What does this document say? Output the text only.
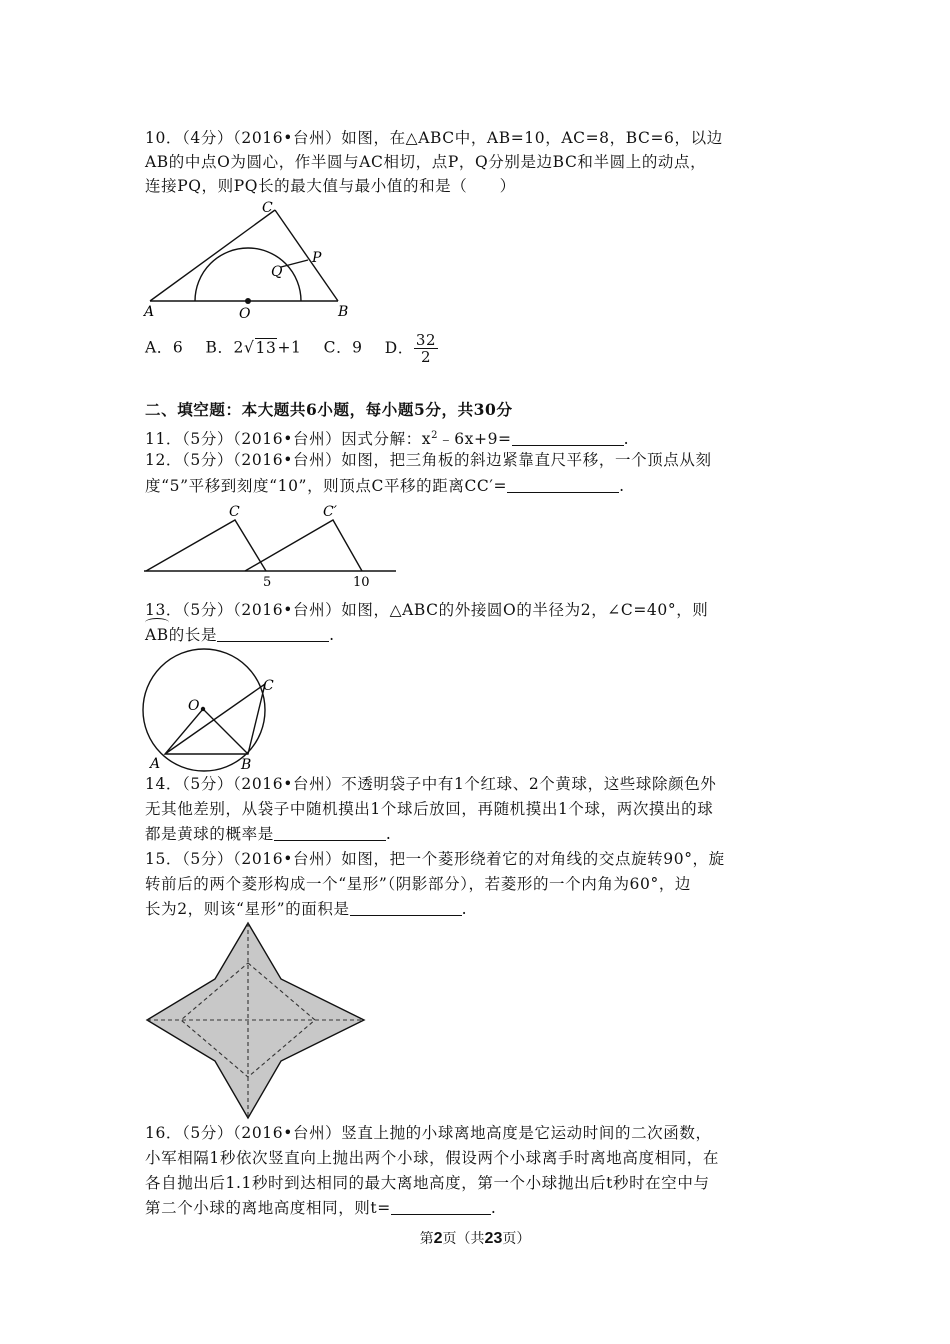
10．（4分）（2016•台州）如图，在△ABC中，AB=10，AC=8，BC=6，以边
AB的中点O为圆心，作半圆与AC相切，点P，Q分别是边BC和半圆上的动点，
连接PQ，则PQ长的最大值与最小值的和是（　　）
A	B
C
O
P
Q
A．6 B．2√13+1 C．9 D． $\frac{32}{2}$
二、填空题：本大题共6小题，每小题5分，共30分
11．（5分）（2016•台州）因式分解：$x^2﹣6x+9=$	.
12．（5分）（2016•台州）如图，把三角板的斜边紧靠直尺平移，一个顶点从刻
度“5”平移到刻度“10”，则顶点C平移的距离CC′=	.
C	C′
5	10
13．（5分）（2016•台州）如图，△ABC的外接圆O的半径为2，∠C=40°，则
AB的长是	.
O
C
A	B
14．（5分）（2016•台州）不透明袋子中有1个红球、2个黄球，这些球除颜色外
无其他差别，从袋子中随机摸出1个球后放回，再随机摸出1个球，两次摸出的球
都是黄球的概率是	.
15．（5分）（2016•台州）如图，把一个菱形绕着它的对角线的交点旋转90°，旋
转前后的两个菱形构成一个“星形”（阴影部分），若菱形的一个内角为60°，边
长为2，则该“星形”的面积是	.
16．（5分）（2016•台州）竖直上抛的小球离地高度是它运动时间的二次函数，
小军相隔1秒依次竖直向上抛出两个小球，假设两个小球离手时离地高度相同，在
各自抛出后1.1秒时到达相同的最大离地高度，第一个小球抛出后t秒时在空中与
第二个小球的离地高度相同，则t=	.
第2页（共23页）
